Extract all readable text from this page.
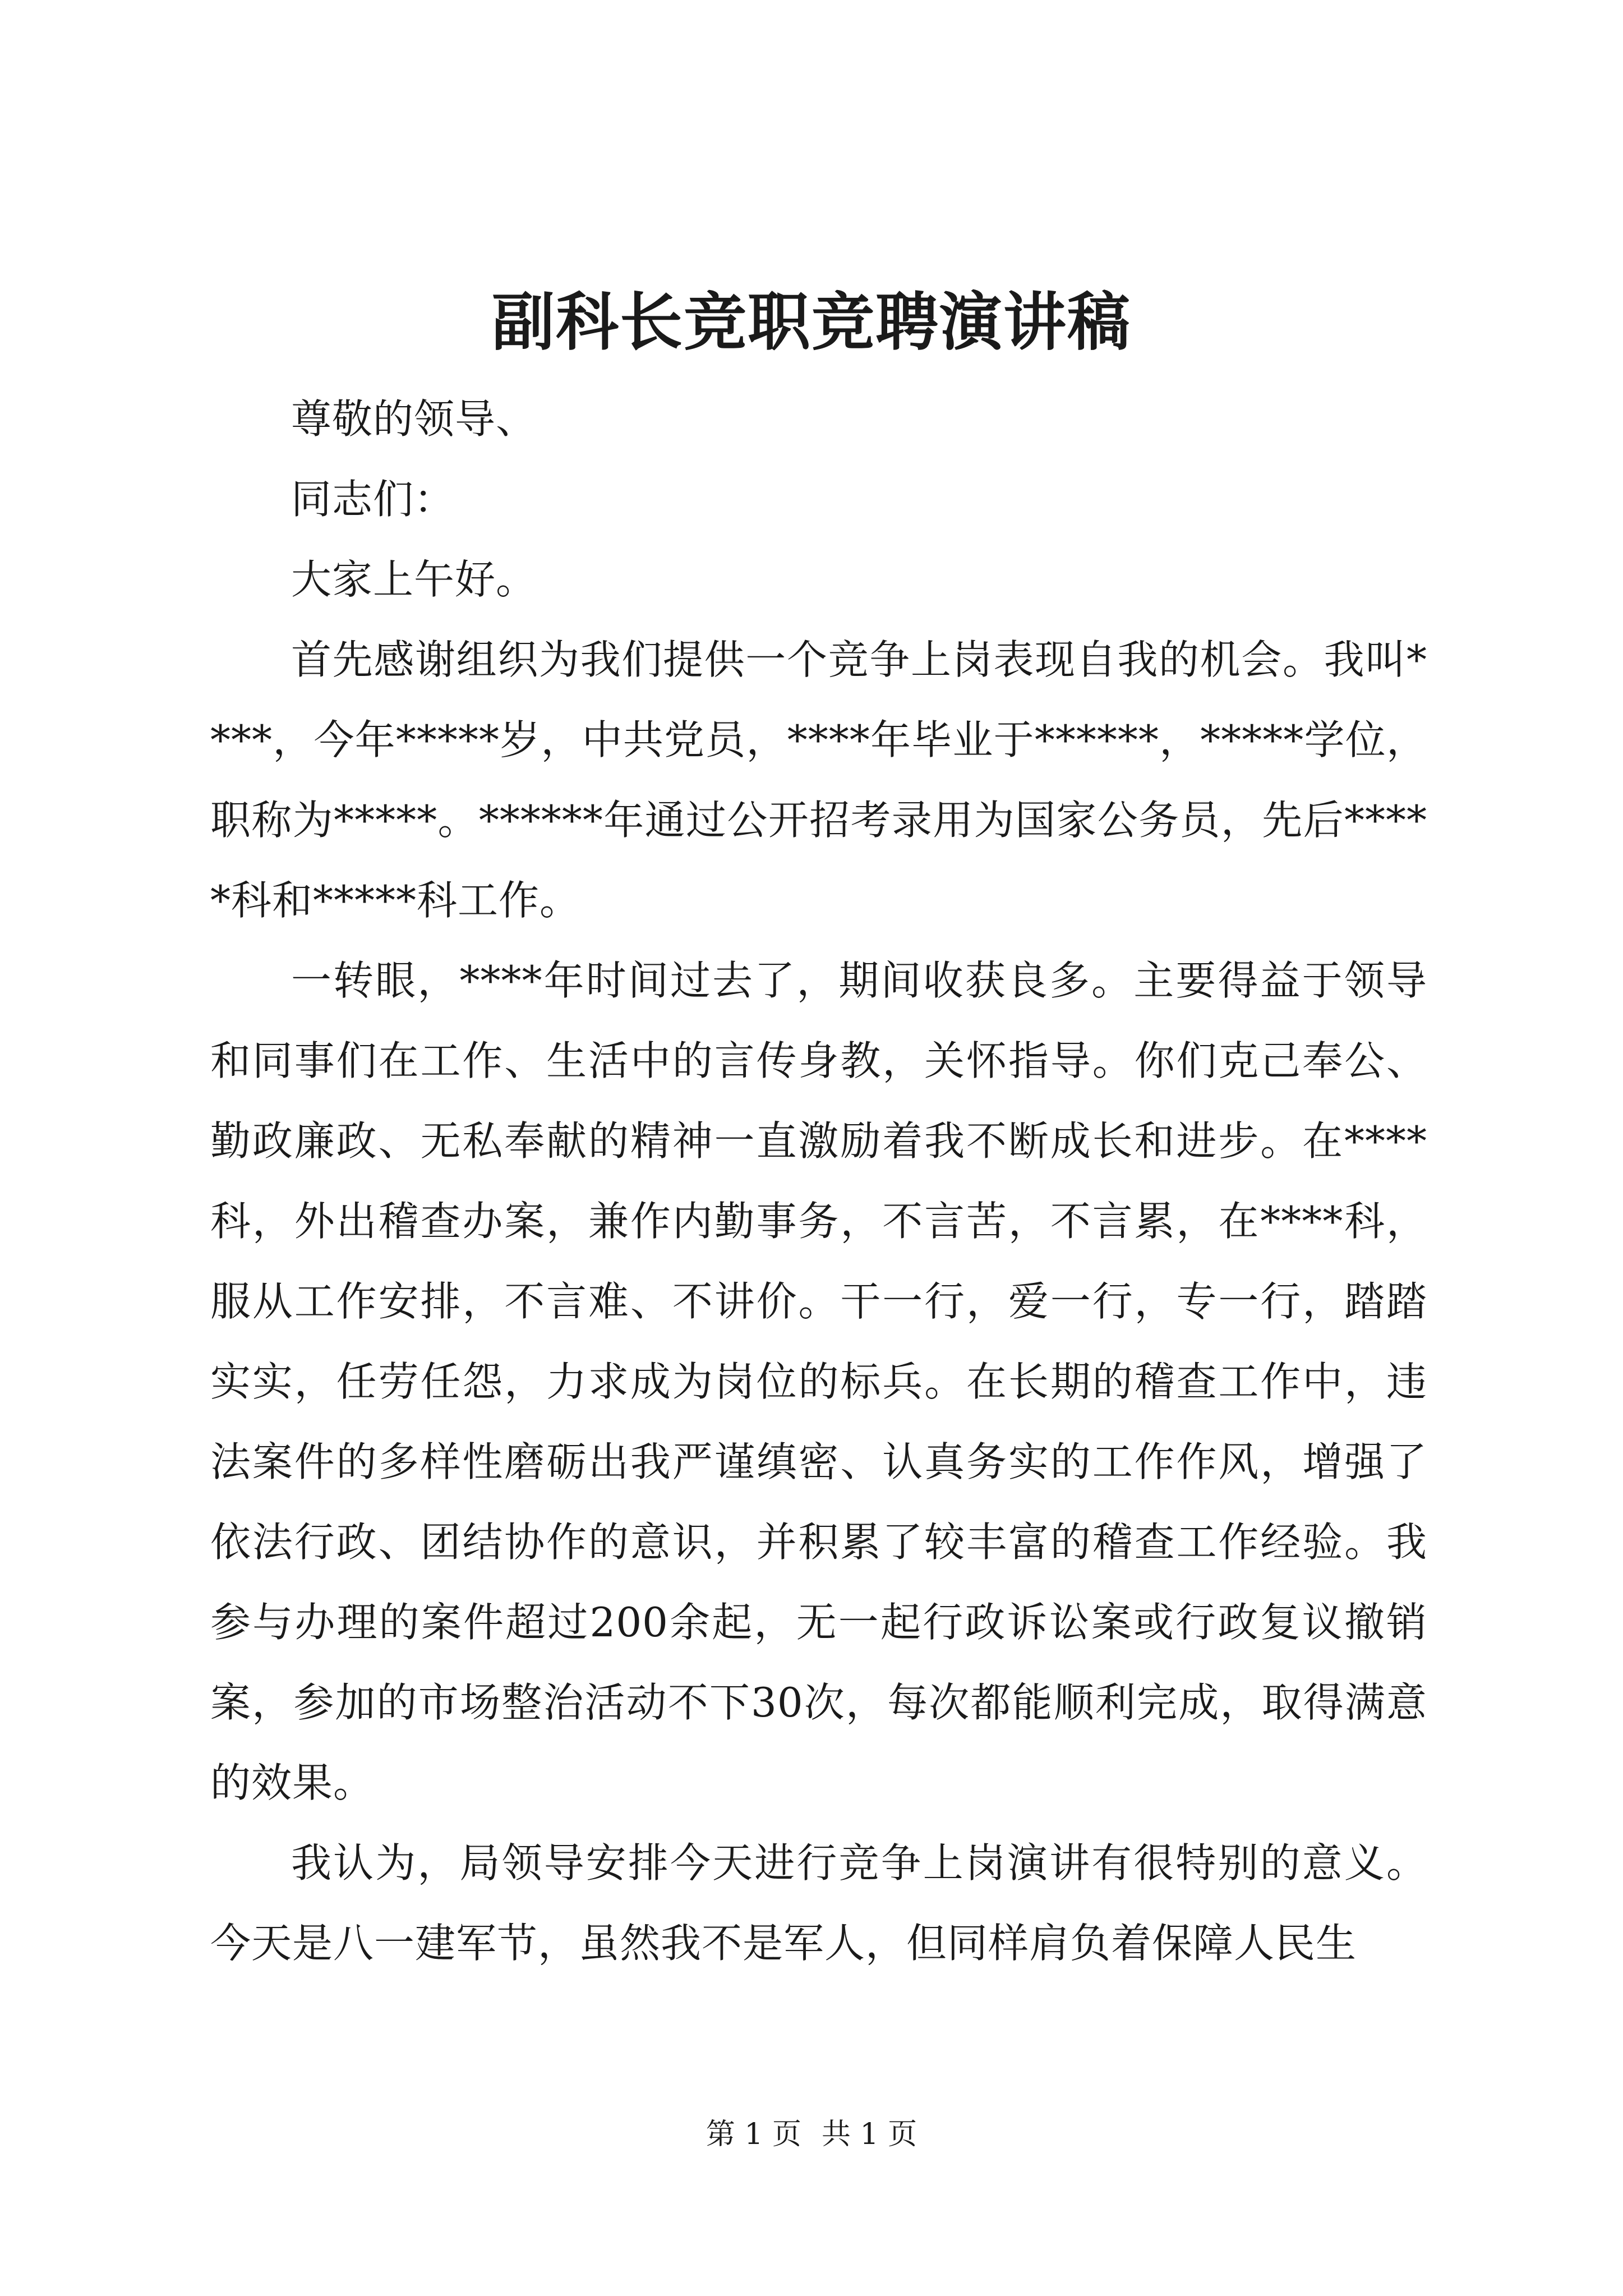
副科长竞职竞聘演讲稿

尊敬的领导、

同志们：

大家上午好。

首先感谢组织为我们提供一个竞争上岗表现自我的机会。我叫****，今年*****岁，中共党员，****年毕业于******，*****学位，职称为*****。******年通过公开招考录用为国家公务员，先后*****科和*****科工作。

一转眼，****年时间过去了，期间收获良多。主要得益于领导和同事们在工作、生活中的言传身教，关怀指导。你们克己奉公、勤政廉政、无私奉献的精神一直激励着我不断成长和进步。在****科，外出稽查办案，兼作内勤事务，不言苦，不言累，在****科，服从工作安排，不言难、不讲价。干一行，爱一行，专一行，踏踏实实，任劳任怨，力求成为岗位的标兵。在长期的稽查工作中，违法案件的多样性磨砺出我严谨缜密、认真务实的工作作风，增强了依法行政、团结协作的意识，并积累了较丰富的稽查工作经验。我参与办理的案件超过200余起，无一起行政诉讼案或行政复议撤销案，参加的市场整治活动不下30次，每次都能顺利完成，取得满意的效果。

我认为，局领导安排今天进行竞争上岗演讲有很特别的意义。今天是八一建军节，虽然我不是军人，但同样肩负着保障人民生

第 1 页 共 1 页
